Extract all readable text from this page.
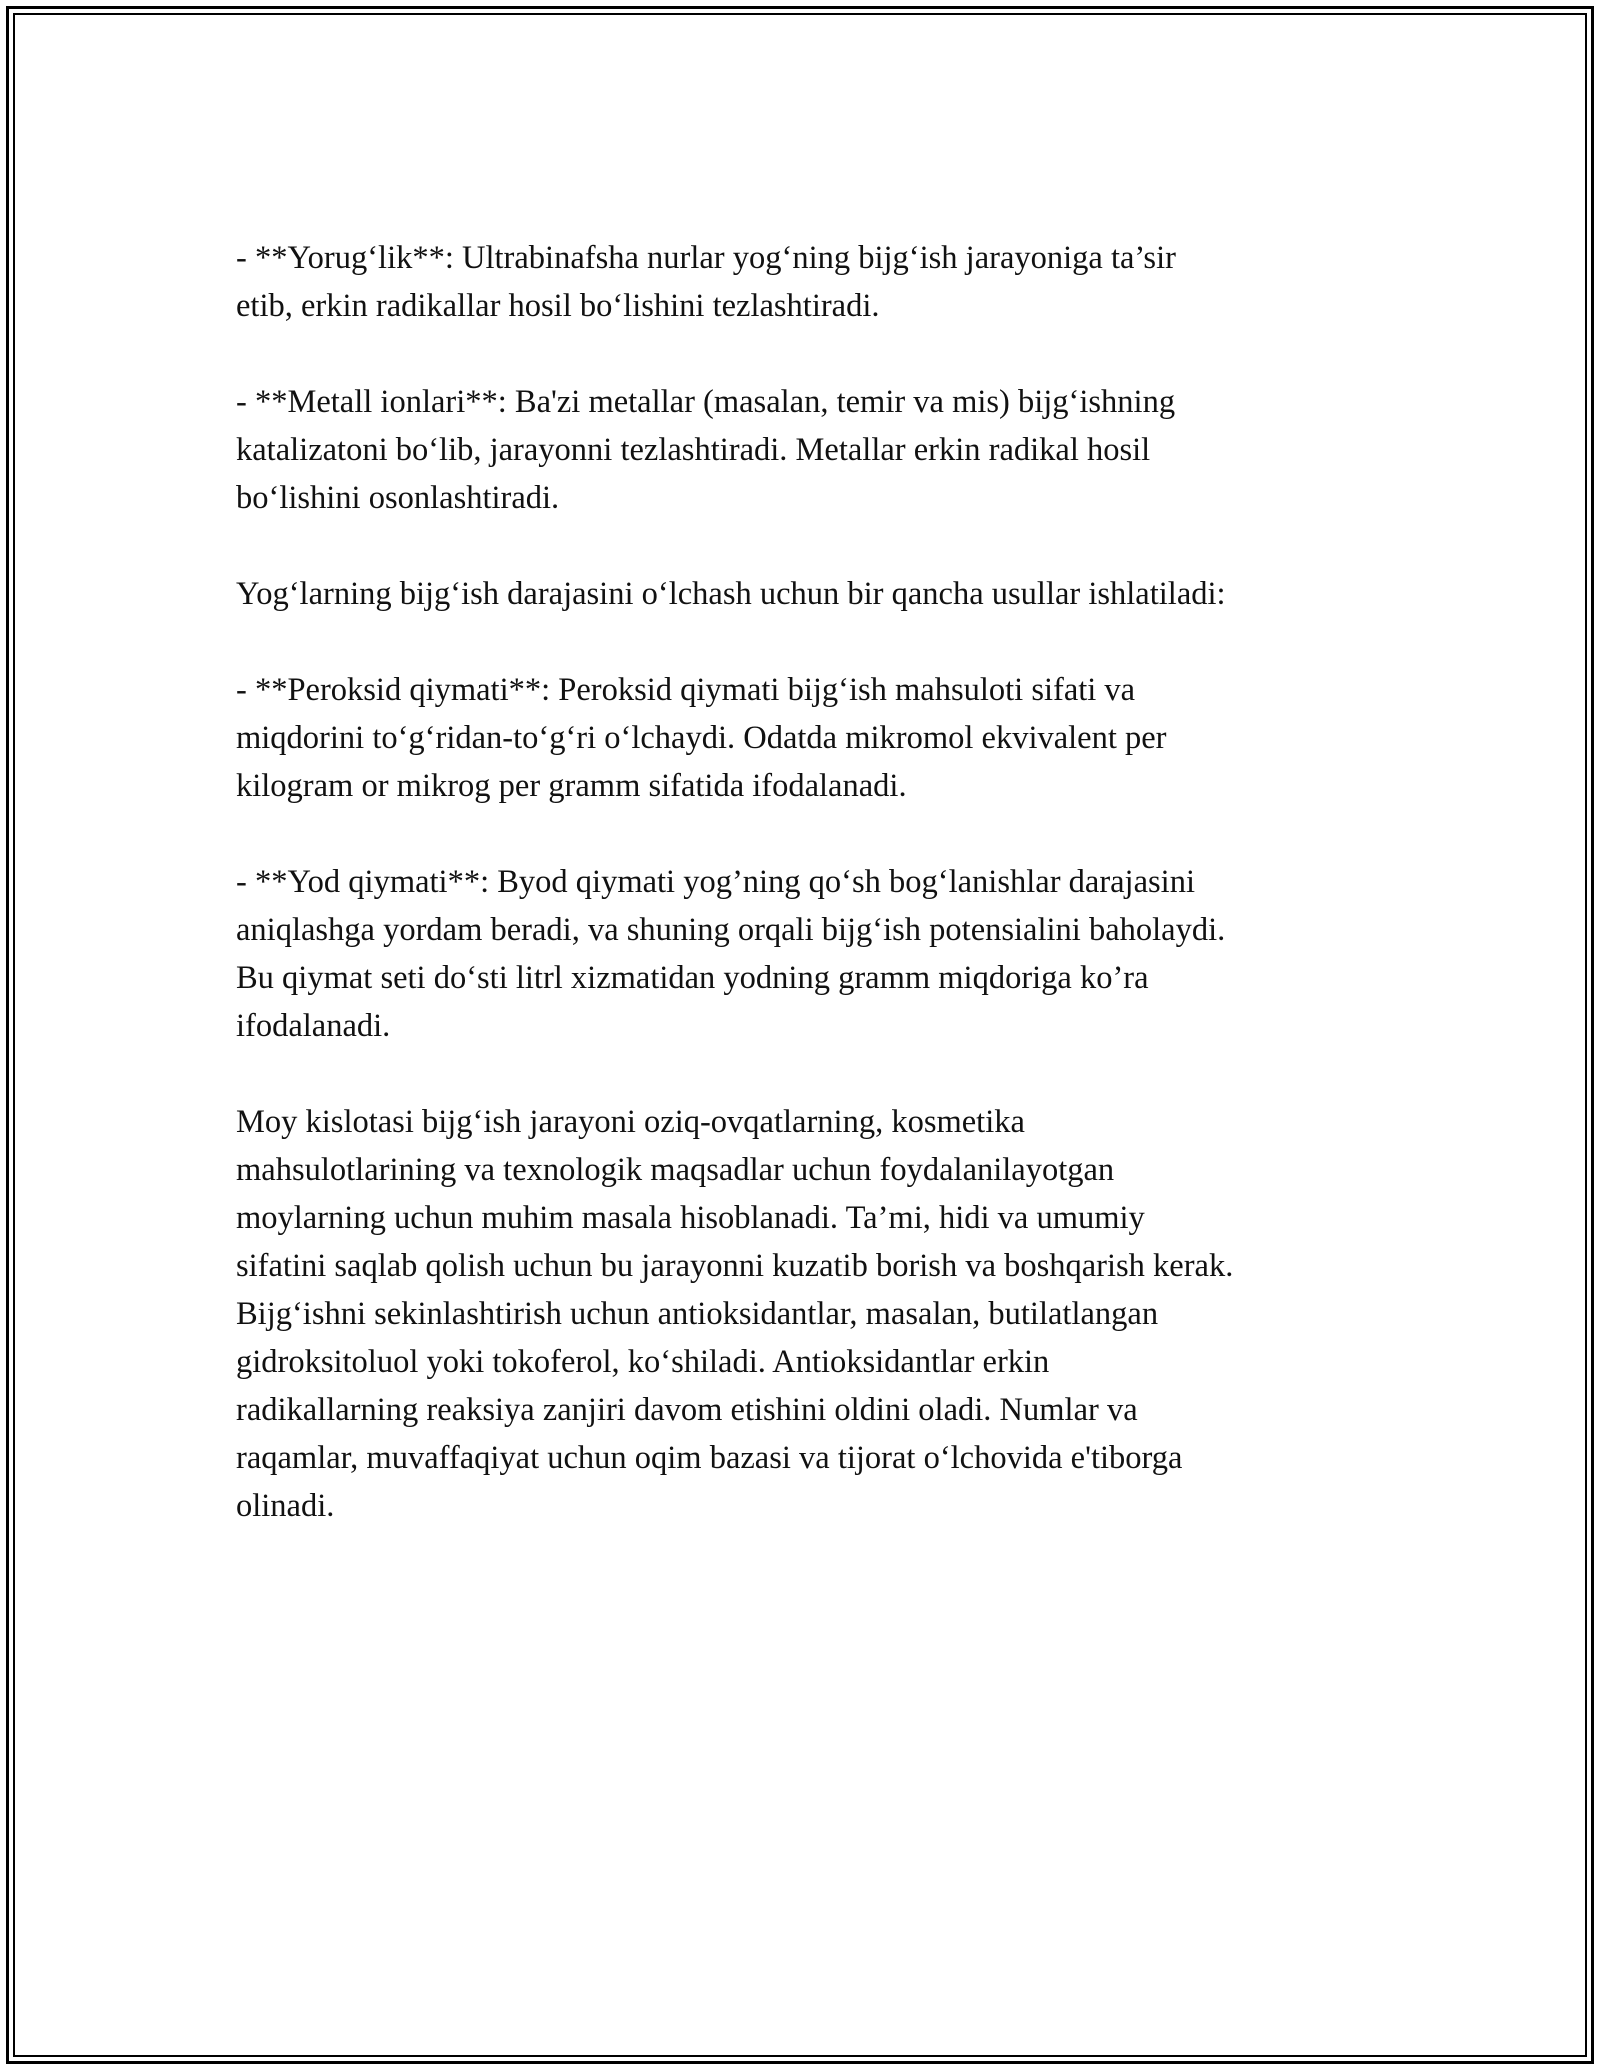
- **Yorug‘lik**: Ultrabinafsha nurlar yog‘ning bijg‘ish jarayoniga ta’sir
etib, erkin radikallar hosil bo‘lishini tezlashtiradi.

- **Metall ionlari**: Ba'zi metallar (masalan, temir va mis) bijg‘ishning
katalizatoni bo‘lib, jarayonni tezlashtiradi. Metallar erkin radikal hosil
bo‘lishini osonlashtiradi.

Yog‘larning bijg‘ish darajasini o‘lchash uchun bir qancha usullar ishlatiladi:

- **Peroksid qiymati**: Peroksid qiymati bijg‘ish mahsuloti sifati va
miqdorini to‘g‘ridan-to‘g‘ri o‘lchaydi. Odatda mikromol ekvivalent per
kilogram or mikrog per gramm sifatida ifodalanadi.

- **Yod qiymati**: Byod qiymati yog’ning qo‘sh bog‘lanishlar darajasini
aniqlashga yordam beradi, va shuning orqali bijg‘ish potensialini baholaydi.
Bu qiymat seti do‘sti litrl xizmatidan yodning gramm miqdoriga ko’ra
ifodalanadi.

Moy kislotasi bijg‘ish jarayoni oziq-ovqatlarning, kosmetika
mahsulotlarining va texnologik maqsadlar uchun foydalanilayotgan
moylarning uchun muhim masala hisoblanadi. Ta’mi, hidi va umumiy
sifatini saqlab qolish uchun bu jarayonni kuzatib borish va boshqarish kerak.
Bijg‘ishni sekinlashtirish uchun antioksidantlar, masalan, butilatlangan
gidroksitoluol yoki tokoferol, ko‘shiladi. Antioksidantlar erkin
radikallarning reaksiya zanjiri davom etishini oldini oladi. Numlar va
raqamlar, muvaffaqiyat uchun oqim bazasi va tijorat o‘lchovida e'tiborga
olinadi.
